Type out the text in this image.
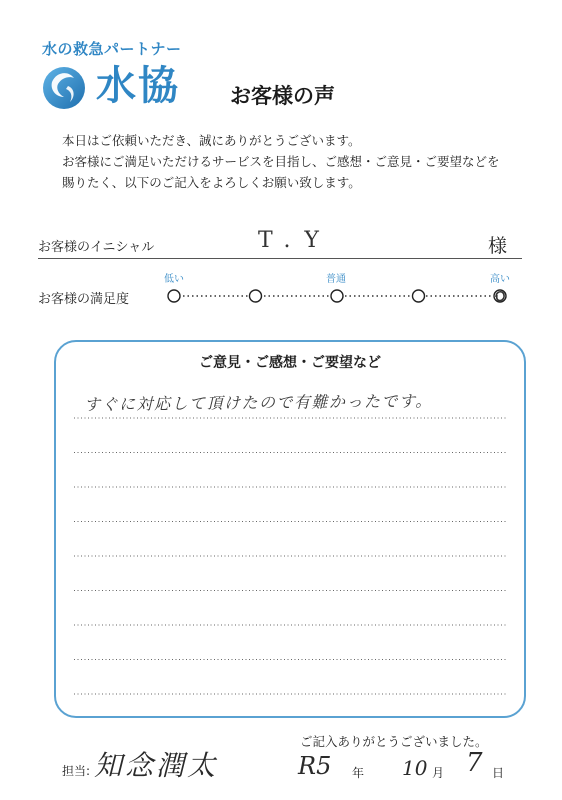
水の救急パートナー
水協 お客様の声

本日はご依頼いただき、誠にありがとうございます。

お客様にご満足いただけるサービスを目指し、ご感想・ご意見・ご要望などを

賜りたく、以下のご記入をよろしくお願い致します。

お客様のイニシャル	T.Y	様
お客様の満足度
低い	普通	高い
ご意見・ご感想・ご要望など
すぐに対応して頂けたので有難かったです。
ご記入ありがとうございました。
担当: 知念潤太	R5 年 10 月 7 日
